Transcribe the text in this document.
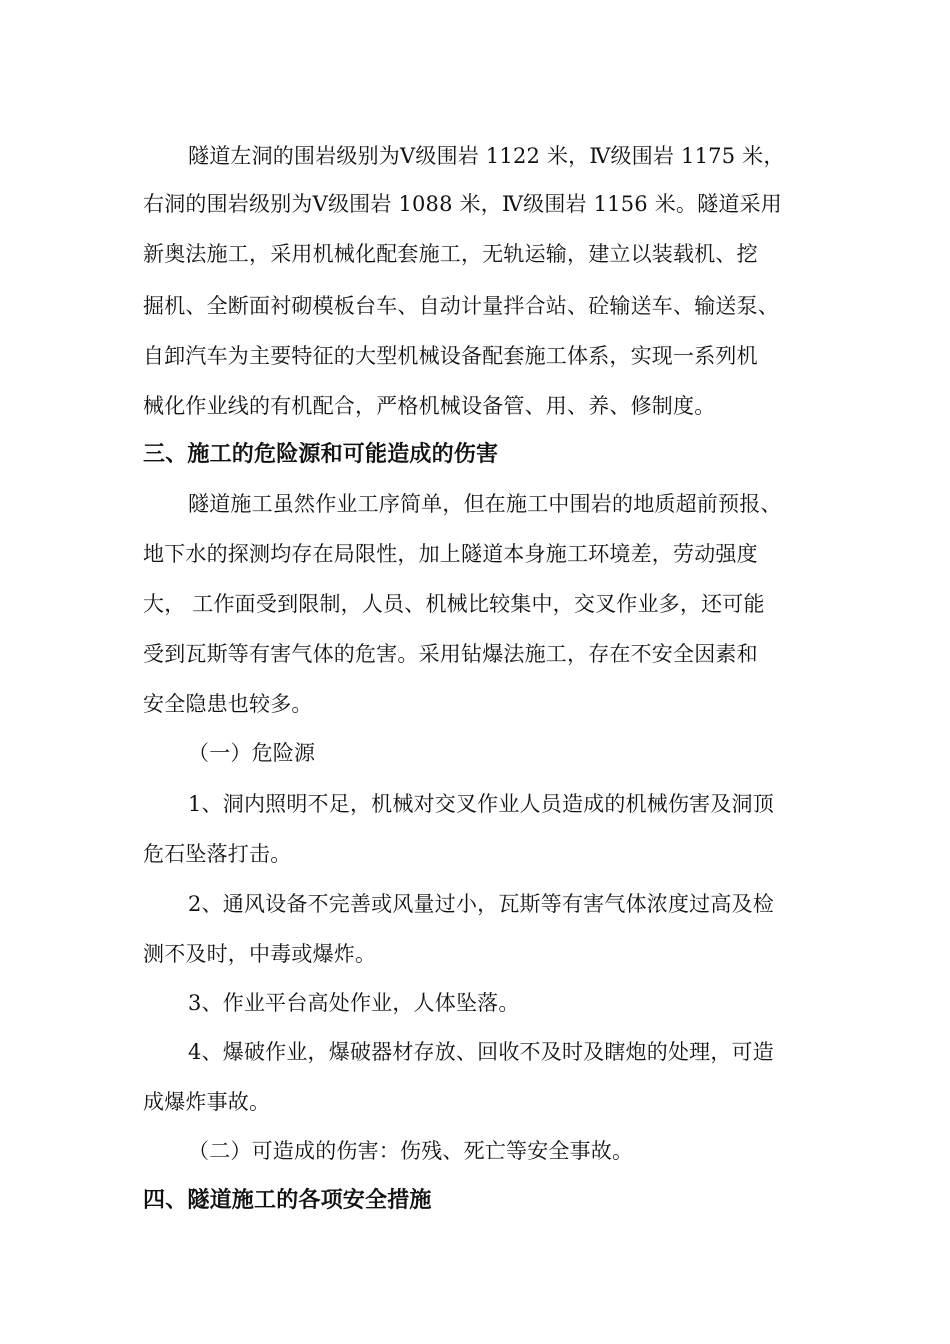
隧道左洞的围岩级别为Ⅴ级围岩 1122 米，Ⅳ级围岩 1175 米，
右洞的围岩级别为Ⅴ级围岩 1088 米，Ⅳ级围岩 1156 米。隧道采用
新奥法施工，采用机械化配套施工，无轨运输，建立以装载机、挖
掘机、全断面衬砌模板台车、自动计量拌合站、砼输送车、输送泵、
自卸汽车为主要特征的大型机械设备配套施工体系，实现一系列机
械化作业线的有机配合，严格机械设备管、用、养、修制度。
三、施工的危险源和可能造成的伤害
隧道施工虽然作业工序简单，但在施工中围岩的地质超前预报、
地下水的探测均存在局限性，加上隧道本身施工环境差，劳动强度
大， 工作面受到限制，人员、机械比较集中，交叉作业多，还可能
受到瓦斯等有害气体的危害。采用钻爆法施工，存在不安全因素和
安全隐患也较多。
（一）危险源
1、洞内照明不足，机械对交叉作业人员造成的机械伤害及洞顶
危石坠落打击。
2、通风设备不完善或风量过小，瓦斯等有害气体浓度过高及检
测不及时，中毒或爆炸。
3、作业平台高处作业，人体坠落。
4、爆破作业，爆破器材存放、回收不及时及瞎炮的处理，可造
成爆炸事故。
（二）可造成的伤害：伤残、死亡等安全事故。
四、隧道施工的各项安全措施
